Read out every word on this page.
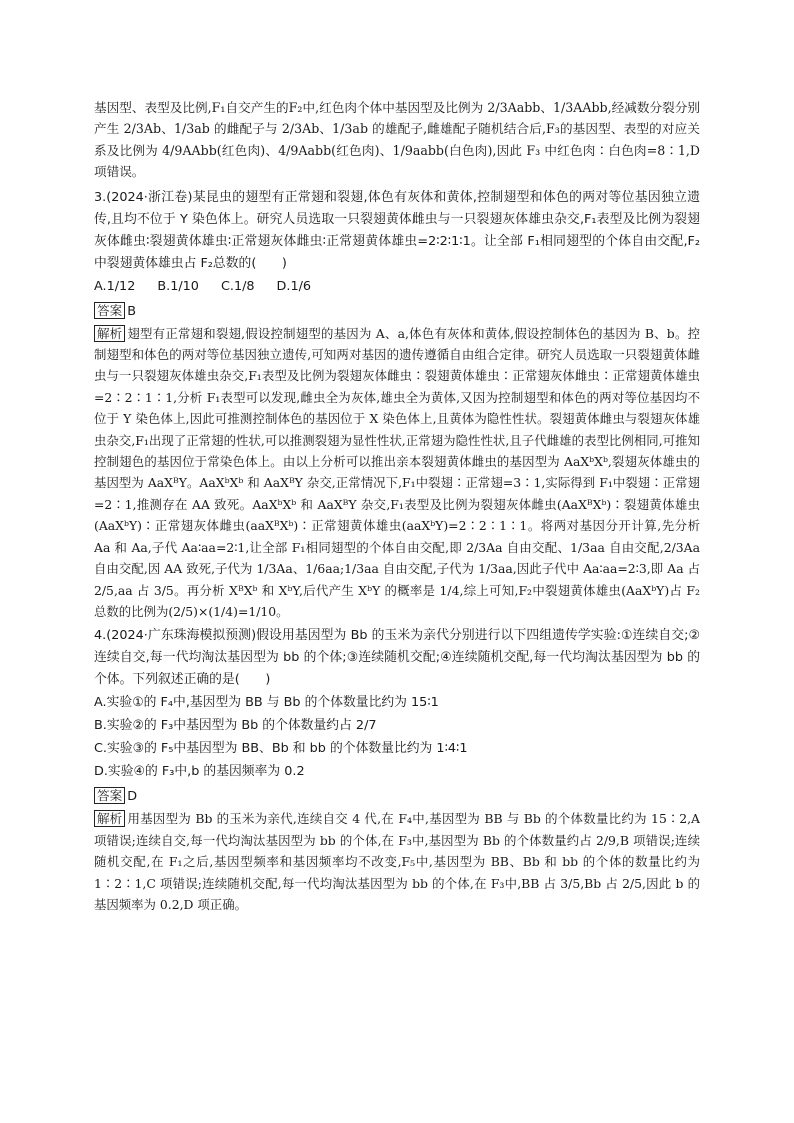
基因型、表型及比例,F₁自交产生的F₂中,红色肉个体中基因型及比例为 2/3Aabb、1/3AAbb,经减数分裂分别产生 2/3Ab、1/3ab 的雌配子与 2/3Ab、1/3ab 的雄配子,雌雄配子随机结合后,F₃的基因型、表型的对应关系及比例为 4/9AAbb(红色肉)、4/9Aabb(红色肉)、1/9aabb(白色肉),因此 F₃ 中红色肉∶白色肉=8∶1,D 项错误。

3.(2024·浙江卷)某昆虫的翅型有正常翅和裂翅,体色有灰体和黄体,控制翅型和体色的两对等位基因独立遗传,且均不位于 Y 染色体上。研究人员选取一只裂翅黄体雌虫与一只裂翅灰体雄虫杂交,F₁表型及比例为裂翅灰体雌虫∶裂翅黄体雄虫∶正常翅灰体雌虫∶正常翅黄体雄虫=2∶2∶1∶1。让全部 F₁相同翅型的个体自由交配,F₂中裂翅黄体雄虫占 F₂总数的(　　)

A.1/12 B.1/10 C.1/8 D.1/6
答案 B

解析 翅型有正常翅和裂翅,假设控制翅型的基因为 A、a,体色有灰体和黄体,假设控制体色的基因为 B、b。控制翅型和体色的两对等位基因独立遗传,可知两对基因的遗传遵循自由组合定律。研究人员选取一只裂翅黄体雌虫与一只裂翅灰体雄虫杂交,F₁表型及比例为裂翅灰体雌虫∶裂翅黄体雄虫∶正常翅灰体雌虫∶正常翅黄体雄虫=2∶2∶1∶1,分析 F₁表型可以发现,雌虫全为灰体,雄虫全为黄体,又因为控制翅型和体色的两对等位基因均不位于 Y 染色体上,因此可推测控制体色的基因位于 X 染色体上,且黄体为隐性性状。裂翅黄体雌虫与裂翅灰体雄虫杂交,F₁出现了正常翅的性状,可以推测裂翅为显性性状,正常翅为隐性性状,且子代雌雄的表型比例相同,可推知控制翅色的基因位于常染色体上。由以上分析可以推出亲本裂翅黄体雌虫的基因型为 AaXᵇXᵇ,裂翅灰体雄虫的基因型为 AaXᴮY。AaXᵇXᵇ 和 AaXᴮY 杂交,正常情况下,F₁中裂翅∶正常翅=3∶1,实际得到 F₁中裂翅∶正常翅=2∶1,推测存在 AA 致死。AaXᵇXᵇ 和 AaXᴮY 杂交,F₁表型及比例为裂翅灰体雌虫(AaXᴮXᵇ)∶裂翅黄体雄虫(AaXᵇY)∶正常翅灰体雌虫(aaXᴮXᵇ)∶正常翅黄体雄虫(aaXᵇY)=2∶2∶1∶1。将两对基因分开计算,先分析 Aa 和 Aa,子代 Aa∶aa=2∶1,让全部 F₁相同翅型的个体自由交配,即 2/3Aa 自由交配、1/3aa 自由交配,2/3Aa 自由交配,因 AA 致死,子代为 1/3Aa、1/6aa;1/3aa 自由交配,子代为 1/3aa,因此子代中 Aa∶aa=2∶3,即 Aa 占 2/5,aa 占 3/5。再分析 XᴮXᵇ 和 XᵇY,后代产生 XᵇY 的概率是 1/4,综上可知,F₂中裂翅黄体雄虫(AaXᵇY)占 F₂总数的比例为(2/5)×(1/4)=1/10。

4.(2024·广东珠海模拟预测)假设用基因型为 Bb 的玉米为亲代分别进行以下四组遗传学实验:①连续自交;②连续自交,每一代均淘汰基因型为 bb 的个体;③连续随机交配;④连续随机交配,每一代均淘汰基因型为 bb 的个体。下列叙述正确的是(　　)

A.实验①的 F₄中,基因型为 BB 与 Bb 的个体数量比约为 15∶1
B.实验②的 F₃中基因型为 Bb 的个体数量约占 2/7
C.实验③的 F₅中基因型为 BB、Bb 和 bb 的个体数量比约为 1∶4∶1
D.实验④的 F₃中,b 的基因频率为 0.2
答案 D

解析 用基因型为 Bb 的玉米为亲代,连续自交 4 代,在 F₄中,基因型为 BB 与 Bb 的个体数量比约为 15∶2,A 项错误;连续自交,每一代均淘汰基因型为 bb 的个体,在 F₃中,基因型为 Bb 的个体数量约占 2/9,B 项错误;连续随机交配,在 F₁之后,基因型频率和基因频率均不改变,F₅中,基因型为 BB、Bb 和 bb 的个体的数量比约为 1∶2∶1,C 项错误;连续随机交配,每一代均淘汰基因型为 bb 的个体,在 F₃中,BB 占 3/5,Bb 占 2/5,因此 b 的基因频率为 0.2,D 项正确。
